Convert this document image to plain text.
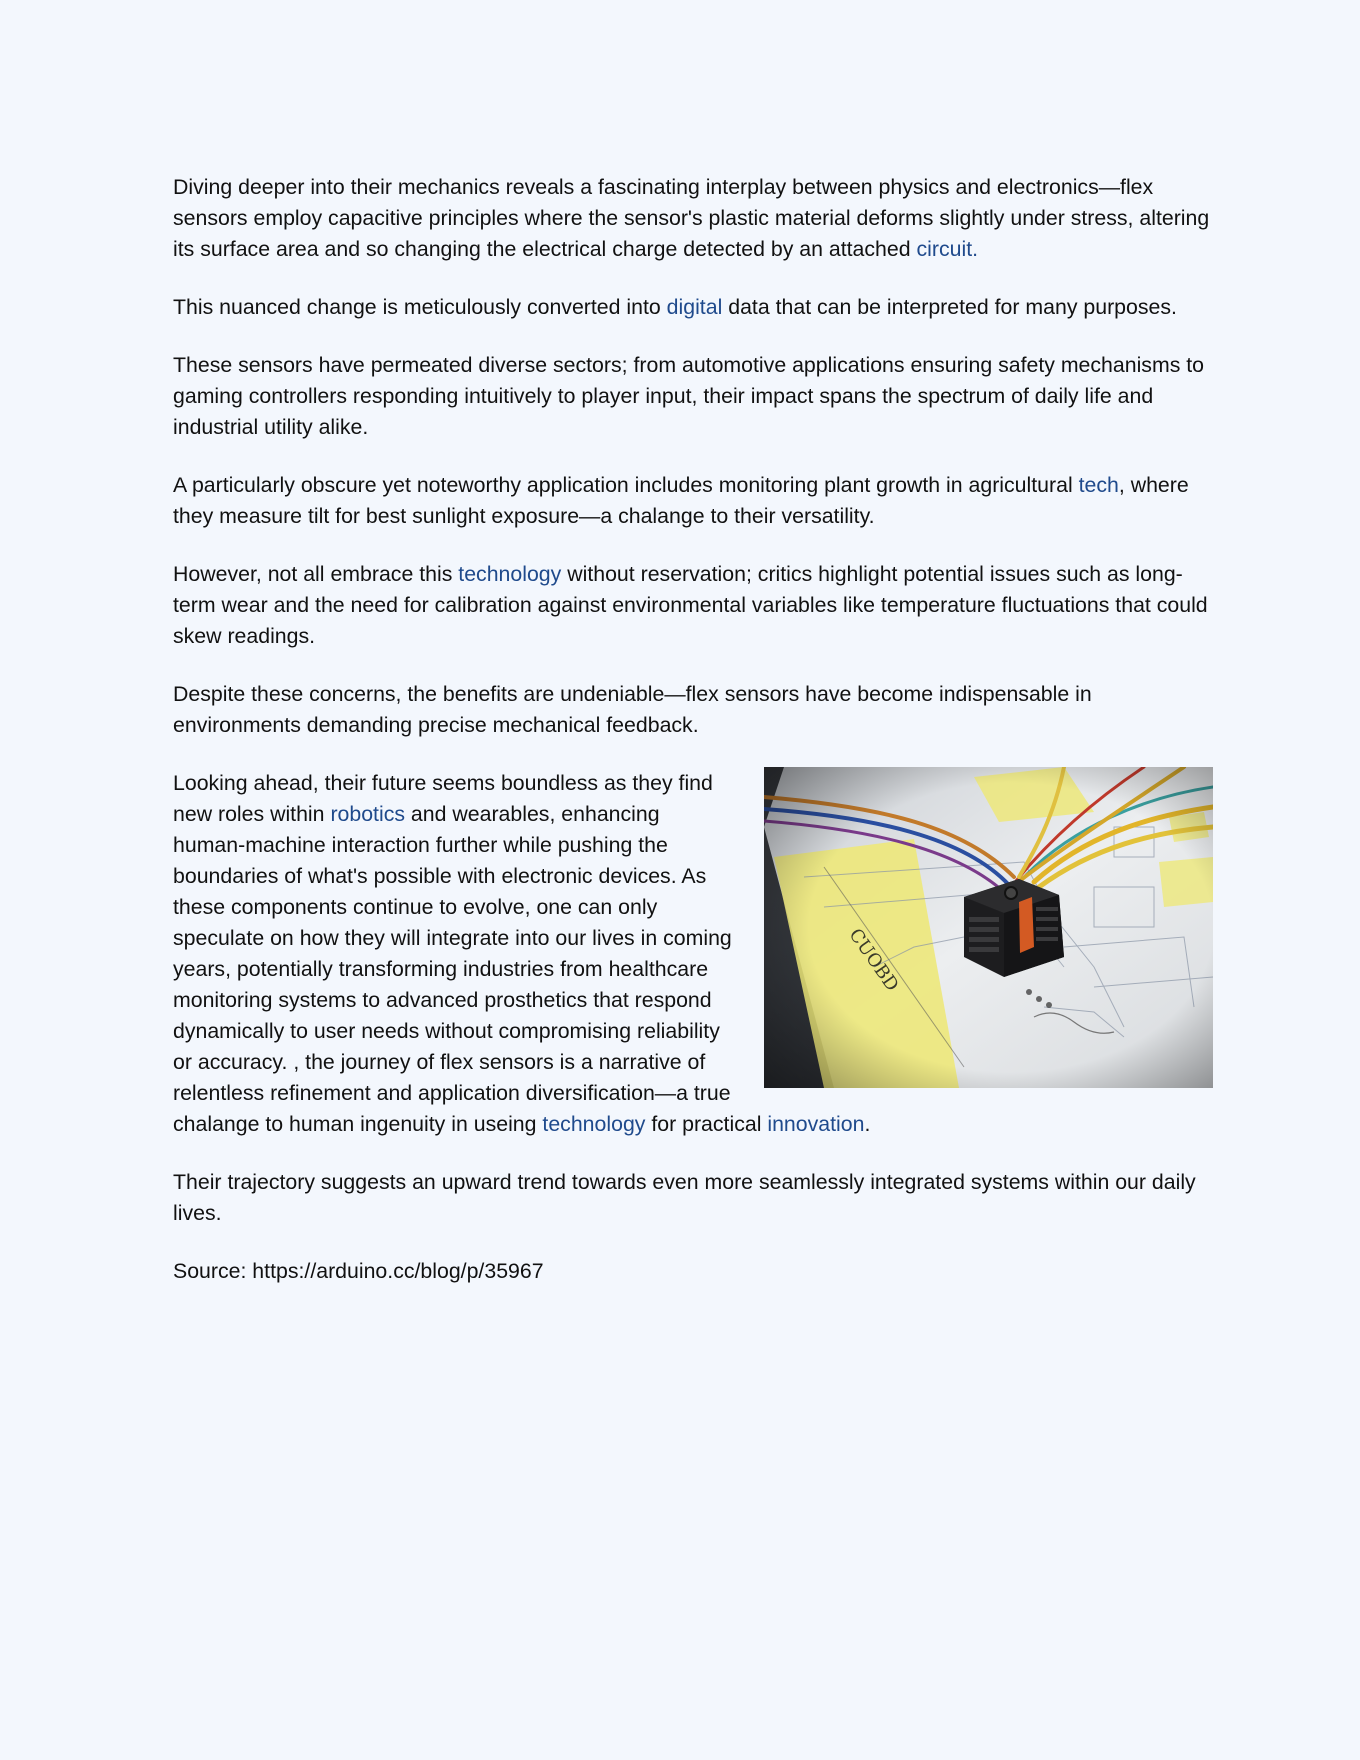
Diving deeper into their mechanics reveals a fascinating interplay between physics and electronics—flex sensors employ capacitive principles where the sensor's plastic material deforms slightly under stress, altering its surface area and so changing the electrical charge detected by an attached circuit.

This nuanced change is meticulously converted into digital data that can be interpreted for many purposes.

These sensors have permeated diverse sectors; from automotive applications ensuring safety mechanisms to gaming controllers responding intuitively to player input, their impact spans the spectrum of daily life and industrial utility alike.

A particularly obscure yet noteworthy application includes monitoring plant growth in agricultural tech, where they measure tilt for best sunlight exposure—a chalange to their versatility.

However, not all embrace this technology without reservation; critics highlight potential issues such as long-term wear and the need for calibration against environmental variables like temperature fluctuations that could skew readings.

Despite these concerns, the benefits are undeniable—flex sensors have become indispensable in environments demanding precise mechanical feedback.

Looking ahead, their future seems boundless as they find new roles within robotics and wearables, enhancing human-machine interaction further while pushing the boundaries of what's possible with electronic devices. As these components continue to evolve, one can only speculate on how they will integrate into our lives in coming years, potentially transforming industries from healthcare monitoring systems to advanced prosthetics that respond dynamically to user needs without compromising reliability or accuracy. , the journey of flex sensors is a narrative of relentless refinement and application diversification—a true chalange to human ingenuity in useing technology for practical innovation.

Their trajectory suggests an upward trend towards even more seamlessly integrated systems within our daily lives.

Source: https://arduino.cc/blog/p/35967
